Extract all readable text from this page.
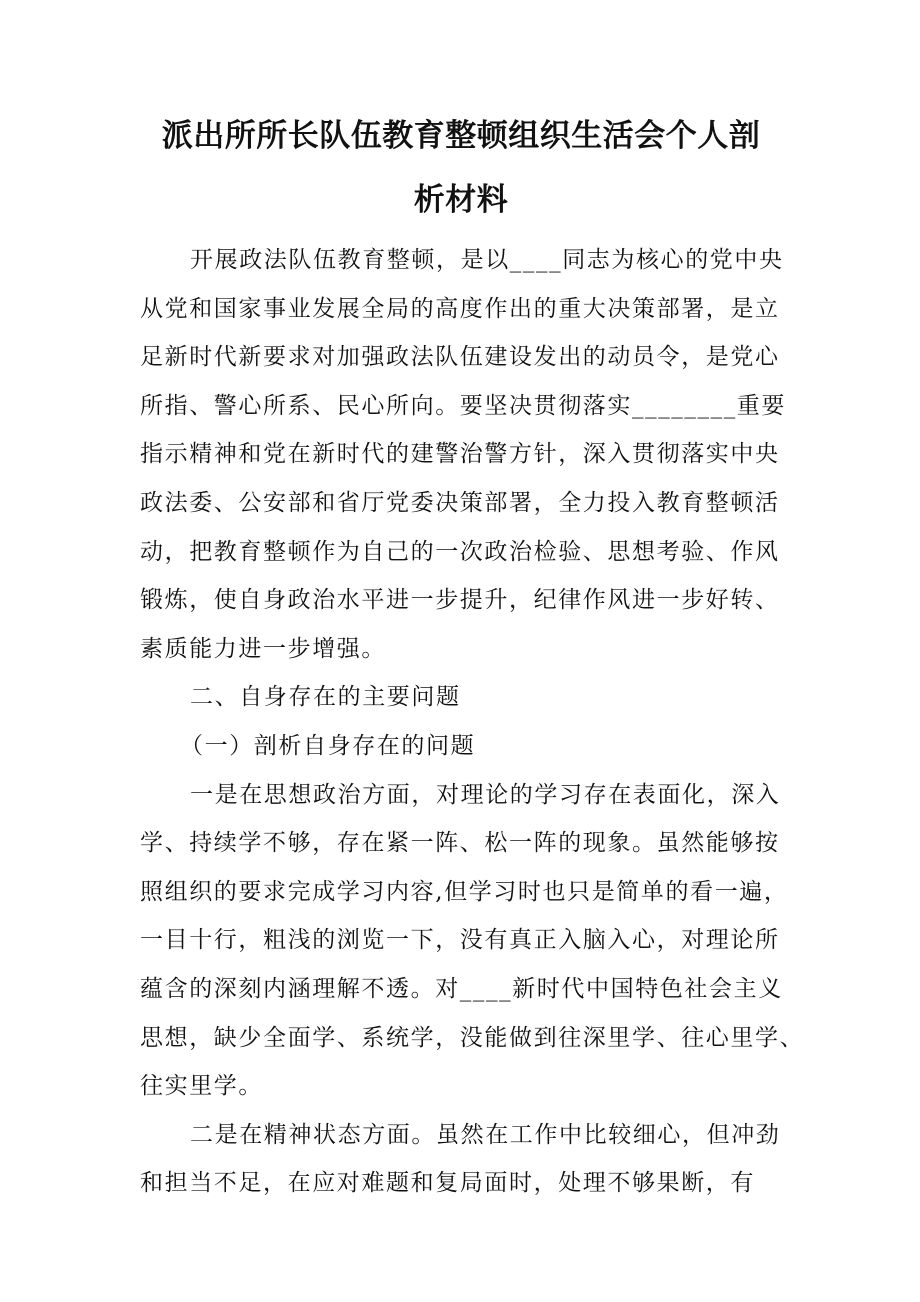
派出所所长队伍教育整顿组织生活会个人剖
析材料

开展政法队伍教育整顿，是以____同志为核心的党中央
从党和国家事业发展全局的高度作出的重大决策部署，是立
足新时代新要求对加强政法队伍建设发出的动员令，是党心
所指、警心所系、民心所向。要坚决贯彻落实________重要
指示精神和党在新时代的建警治警方针，深入贯彻落实中央
政法委、公安部和省厅党委决策部署，全力投入教育整顿活
动，把教育整顿作为自己的一次政治检验、思想考验、作风
锻炼，使自身政治水平进一步提升，纪律作风进一步好转、
素质能力进一步增强。

二、自身存在的主要问题

（一）剖析自身存在的问题

一是在思想政治方面，对理论的学习存在表面化，深入
学、持续学不够，存在紧一阵、松一阵的现象。虽然能够按
照组织的要求完成学习内容,但学习时也只是简单的看一遍，
一目十行，粗浅的浏览一下，没有真正入脑入心，对理论所
蕴含的深刻内涵理解不透。对____新时代中国特色社会主义
思想，缺少全面学、系统学，没能做到往深里学、往心里学、
往实里学。

二是在精神状态方面。虽然在工作中比较细心，但冲劲
和担当不足，在应对难题和复局面时，处理不够果断，有
